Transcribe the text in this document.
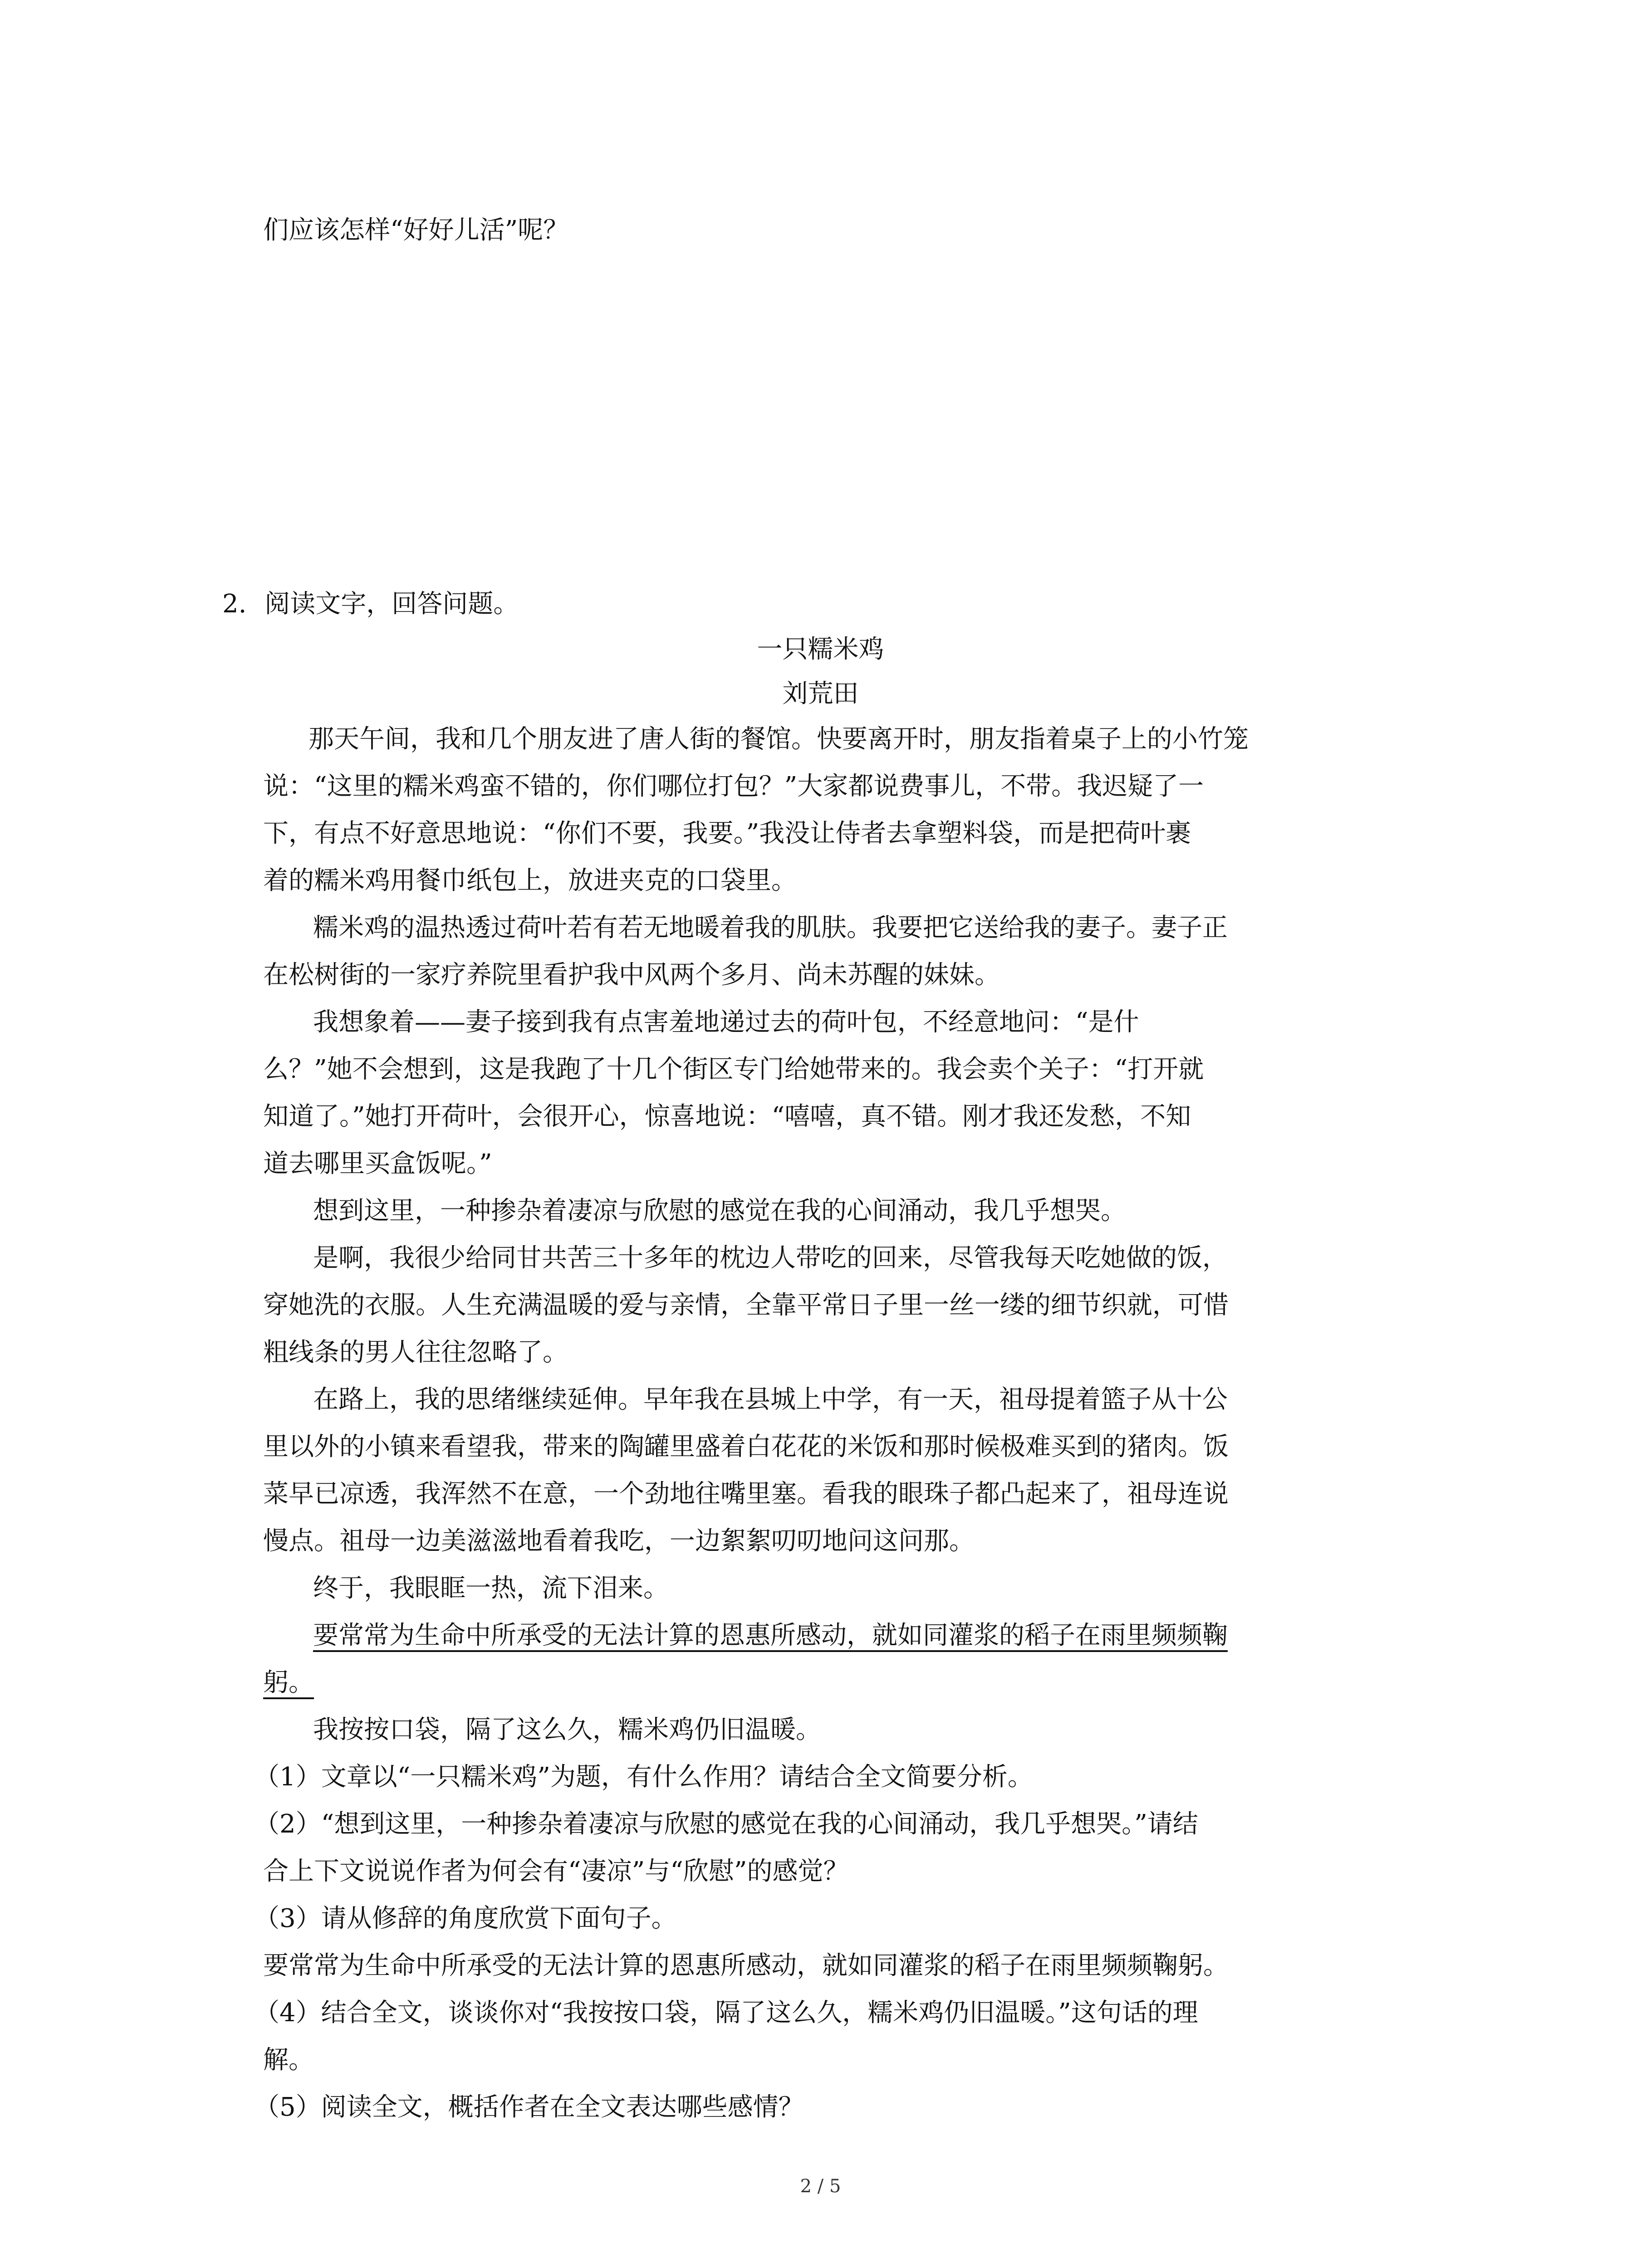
们应该怎样“好好儿活”呢？
2. 阅读文字，回答问题。
一只糯米鸡
刘荒田
那天午间，我和几个朋友进了唐人街的餐馆。快要离开时，朋友指着桌子上的小竹笼
说：“这里的糯米鸡蛮不错的，你们哪位打包？”大家都说费事儿，不带。我迟疑了一
下，有点不好意思地说：“你们不要，我要。”我没让侍者去拿塑料袋，而是把荷叶裹
着的糯米鸡用餐巾纸包上，放进夹克的口袋里。
糯米鸡的温热透过荷叶若有若无地暖着我的肌肤。我要把它送给我的妻子。妻子正
在松树街的一家疗养院里看护我中风两个多月、尚未苏醒的妹妹。
我想象着——妻子接到我有点害羞地递过去的荷叶包，不经意地问：“是什
么？”她不会想到，这是我跑了十几个街区专门给她带来的。我会卖个关子：“打开就
知道了。”她打开荷叶，会很开心，惊喜地说：“嘻嘻，真不错。刚才我还发愁，不知
道去哪里买盒饭呢。”
想到这里，一种掺杂着凄凉与欣慰的感觉在我的心间涌动，我几乎想哭。
是啊，我很少给同甘共苦三十多年的枕边人带吃的回来，尽管我每天吃她做的饭，
穿她洗的衣服。人生充满温暖的爱与亲情，全靠平常日子里一丝一缕的细节织就，可惜
粗线条的男人往往忽略了。
在路上，我的思绪继续延伸。早年我在县城上中学，有一天，祖母提着篮子从十公
里以外的小镇来看望我，带来的陶罐里盛着白花花的米饭和那时候极难买到的猪肉。饭
菜早已凉透，我浑然不在意，一个劲地往嘴里塞。看我的眼珠子都凸起来了，祖母连说
慢点。祖母一边美滋滋地看着我吃，一边絮絮叨叨地问这问那。
终于，我眼眶一热，流下泪来。
要常常为生命中所承受的无法计算的恩惠所感动，就如同灌浆的稻子在雨里频频鞠
躬。
我按按口袋，隔了这么久，糯米鸡仍旧温暖。
（1）文章以“一只糯米鸡”为题，有什么作用？请结合全文简要分析。
（2）“想到这里，一种掺杂着凄凉与欣慰的感觉在我的心间涌动，我几乎想哭。”请结
合上下文说说作者为何会有“凄凉”与“欣慰”的感觉？
（3）请从修辞的角度欣赏下面句子。
要常常为生命中所承受的无法计算的恩惠所感动，就如同灌浆的稻子在雨里频频鞠躬。
（4）结合全文，谈谈你对“我按按口袋，隔了这么久，糯米鸡仍旧温暖。”这句话的理
解。
（5）阅读全文，概括作者在全文表达哪些感情？
2 / 5
